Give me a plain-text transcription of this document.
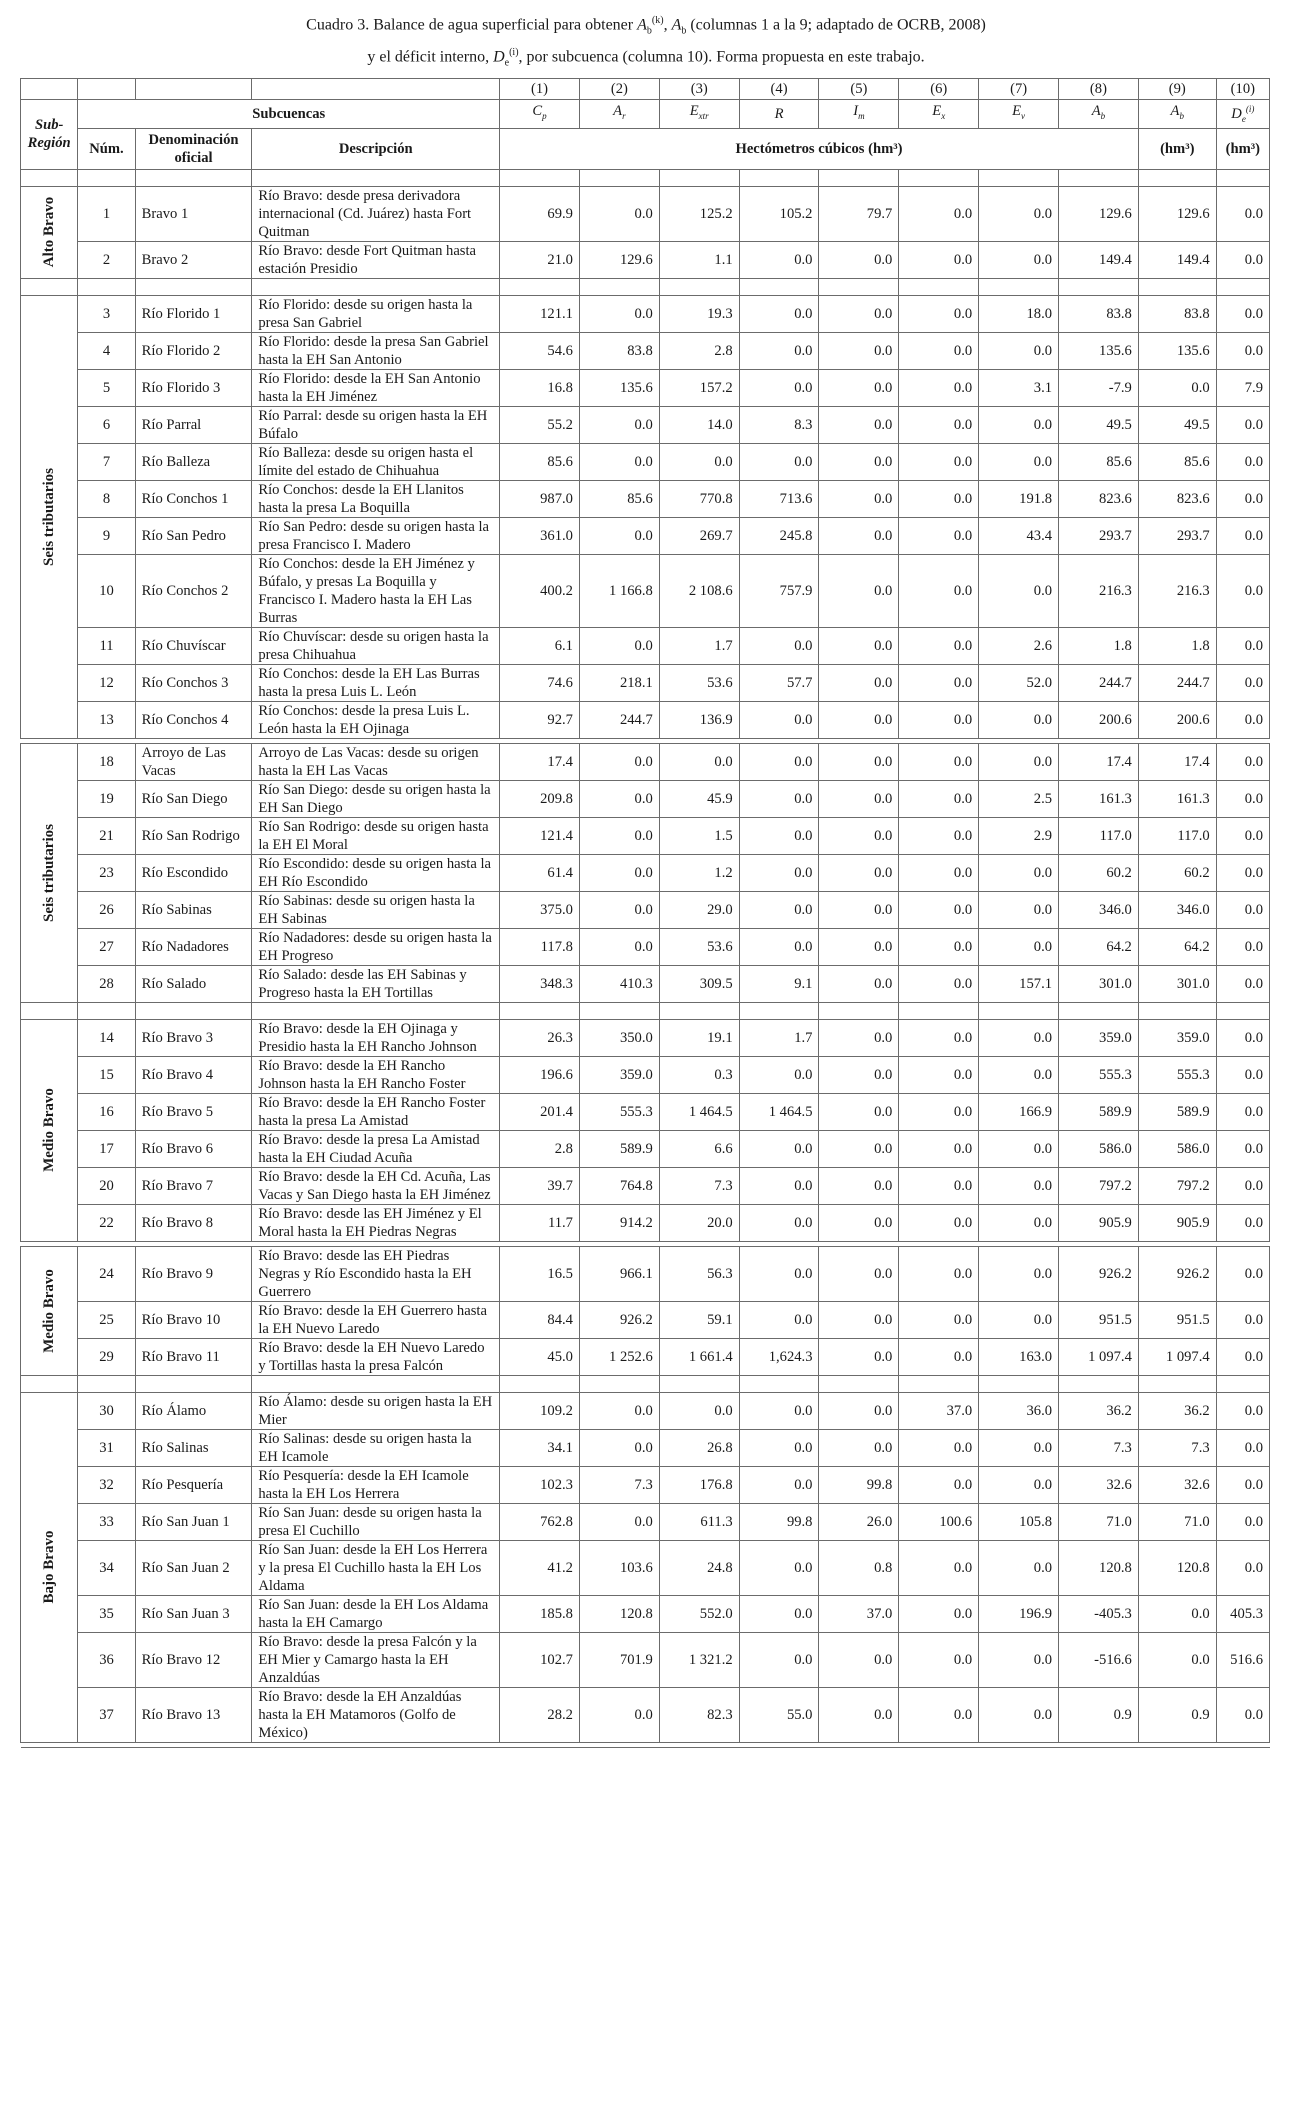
Cuadro 3. Balance de agua superficial para obtener $A_b^{(k)}$, $A_b$ (columnas 1 a la 9; adaptado de OCRB, 2008)
y el déficit interno, $D_e^{(i)}$, por subcuenca (columna 10). Forma propuesta en este trabajo.
				(1)	(2)	(3)	(4)	(5)	(6)	(7)	(8)	(9)	(10)
Sub-Región	Subcuencas			$C_p$	$A_r$	$E_{xtr}$	R	$I_m$	$E_x$	$E_v$	$A_b$	$A_b$	$D_e^{(i)}$
	Núm.	Denominación oficial	Descripción	Hectómetros cúbicos (hm³)								(hm³)	(hm³)

Alto Bravo	1	Bravo 1	Río Bravo: desde presa derivadora internacional (Cd. Juárez) hasta Fort Quitman	69.9	0.0	125.2	105.2	79.7	0.0	0.0	129.6	129.6	0.0
	2	Bravo 2	Río Bravo: desde Fort Quitman hasta estación Presidio	21.0	129.6	1.1	0.0	0.0	0.0	0.0	149.4	149.4	0.0

Seis tributarios	3	Río Florido 1	Río Florido: desde su origen hasta la presa San Gabriel	121.1	0.0	19.3	0.0	0.0	0.0	18.0	83.8	83.8	0.0
	4	Río Florido 2	Río Florido: desde la presa San Gabriel hasta la EH San Antonio	54.6	83.8	2.8	0.0	0.0	0.0	0.0	135.6	135.6	0.0
	5	Río Florido 3	Río Florido: desde la EH San Antonio hasta la EH Jiménez	16.8	135.6	157.2	0.0	0.0	0.0	3.1	-7.9	0.0	7.9
	6	Río Parral	Río Parral: desde su origen hasta la EH Búfalo	55.2	0.0	14.0	8.3	0.0	0.0	0.0	49.5	49.5	0.0
	7	Río Balleza	Río Balleza: desde su origen hasta el límite del estado de Chihuahua	85.6	0.0	0.0	0.0	0.0	0.0	0.0	85.6	85.6	0.0
	8	Río Conchos 1	Río Conchos: desde la EH Llanitos hasta la presa La Boquilla	987.0	85.6	770.8	713.6	0.0	0.0	191.8	823.6	823.6	0.0
	9	Río San Pedro	Río San Pedro: desde su origen hasta la presa Francisco I. Madero	361.0	0.0	269.7	245.8	0.0	0.0	43.4	293.7	293.7	0.0
	10	Río Conchos 2	Río Conchos: desde la EH Jiménez y Búfalo, y presas La Boquilla y Francisco I. Madero hasta la EH Las Burras	400.2	1 166.8	2 108.6	757.9	0.0	0.0	0.0	216.3	216.3	0.0
	11	Río Chuvíscar	Río Chuvíscar: desde su origen hasta la presa Chihuahua	6.1	0.0	1.7	0.0	0.0	0.0	2.6	1.8	1.8	0.0
	12	Río Conchos 3	Río Conchos: desde la EH Las Burras hasta la presa Luis L. León	74.6	218.1	53.6	57.7	0.0	0.0	52.0	244.7	244.7	0.0
	13	Río Conchos 4	Río Conchos: desde la presa Luis L. León hasta la EH Ojinaga	92.7	244.7	136.9	0.0	0.0	0.0	0.0	200.6	200.6	0.0

Seis tributarios	18	Arroyo de Las Vacas	Arroyo de Las Vacas: desde su origen hasta la EH Las Vacas	17.4	0.0	0.0	0.0	0.0	0.0	0.0	17.4	17.4	0.0
	19	Río San Diego	Río San Diego: desde su origen hasta la EH San Diego	209.8	0.0	45.9	0.0	0.0	0.0	2.5	161.3	161.3	0.0
	21	Río San Rodrigo	Río San Rodrigo: desde su origen hasta la EH El Moral	121.4	0.0	1.5	0.0	0.0	0.0	2.9	117.0	117.0	0.0
	23	Río Escondido	Río Escondido: desde su origen hasta la EH Río Escondido	61.4	0.0	1.2	0.0	0.0	0.0	0.0	60.2	60.2	0.0
	26	Río Sabinas	Río Sabinas: desde su origen hasta la EH Sabinas	375.0	0.0	29.0	0.0	0.0	0.0	0.0	346.0	346.0	0.0
	27	Río Nadadores	Río Nadadores: desde su origen hasta la EH Progreso	117.8	0.0	53.6	0.0	0.0	0.0	0.0	64.2	64.2	0.0
	28	Río Salado	Río Salado: desde las EH Sabinas y Progreso hasta la EH Tortillas	348.3	410.3	309.5	9.1	0.0	0.0	157.1	301.0	301.0	0.0

Medio Bravo	14	Río Bravo 3	Río Bravo: desde la EH Ojinaga y Presidio hasta la EH Rancho Johnson	26.3	350.0	19.1	1.7	0.0	0.0	0.0	359.0	359.0	0.0
	15	Río Bravo 4	Río Bravo: desde la EH Rancho Johnson hasta la EH Rancho Foster	196.6	359.0	0.3	0.0	0.0	0.0	0.0	555.3	555.3	0.0
	16	Río Bravo 5	Río Bravo: desde la EH Rancho Foster hasta la presa La Amistad	201.4	555.3	1 464.5	1 464.5	0.0	0.0	166.9	589.9	589.9	0.0
	17	Río Bravo 6	Río Bravo: desde la presa La Amistad hasta la EH Ciudad Acuña	2.8	589.9	6.6	0.0	0.0	0.0	0.0	586.0	586.0	0.0
	20	Río Bravo 7	Río Bravo: desde la EH Cd. Acuña, Las Vacas y San Diego hasta la EH Jiménez	39.7	764.8	7.3	0.0	0.0	0.0	0.0	797.2	797.2	0.0
	22	Río Bravo 8	Río Bravo: desde las EH Jiménez y El Moral hasta la EH Piedras Negras	11.7	914.2	20.0	0.0	0.0	0.0	0.0	905.9	905.9	0.0

Medio Bravo	24	Río Bravo 9	Río Bravo: desde las EH Piedras Negras y Río Escondido hasta la EH Guerrero	16.5	966.1	56.3	0.0	0.0	0.0	0.0	926.2	926.2	0.0
	25	Río Bravo 10	Río Bravo: desde la EH Guerrero hasta la EH Nuevo Laredo	84.4	926.2	59.1	0.0	0.0	0.0	0.0	951.5	951.5	0.0
	29	Río Bravo 11	Río Bravo: desde la EH Nuevo Laredo y Tortillas hasta la presa Falcón	45.0	1 252.6	1 661.4	1,624.3	0.0	0.0	163.0	1 097.4	1 097.4	0.0

Bajo Bravo	30	Río Álamo	Río Álamo: desde su origen hasta la EH Mier	109.2	0.0	0.0	0.0	0.0	37.0	36.0	36.2	36.2	0.0
	31	Río Salinas	Río Salinas: desde su origen hasta la EH Icamole	34.1	0.0	26.8	0.0	0.0	0.0	0.0	7.3	7.3	0.0
	32	Río Pesquería	Río Pesquería: desde la EH Icamole hasta la EH Los Herrera	102.3	7.3	176.8	0.0	99.8	0.0	0.0	32.6	32.6	0.0
	33	Río San Juan 1	Río San Juan: desde su origen hasta la presa El Cuchillo	762.8	0.0	611.3	99.8	26.0	100.6	105.8	71.0	71.0	0.0
	34	Río San Juan 2	Río San Juan: desde la EH Los Herrera y la presa El Cuchillo hasta la EH Los Aldama	41.2	103.6	24.8	0.0	0.8	0.0	0.0	120.8	120.8	0.0
	35	Río San Juan 3	Río San Juan: desde la EH Los Aldama hasta la EH Camargo	185.8	120.8	552.0	0.0	37.0	0.0	196.9	-405.3	0.0	405.3
	36	Río Bravo 12	Río Bravo: desde la presa Falcón y la EH Mier y Camargo hasta la EH Anzaldúas	102.7	701.9	1 321.2	0.0	0.0	0.0	0.0	-516.6	0.0	516.6
	37	Río Bravo 13	Río Bravo: desde la EH Anzaldúas hasta la EH Matamoros (Golfo de México)	28.2	0.0	82.3	55.0	0.0	0.0	0.0	0.9	0.9	0.0
